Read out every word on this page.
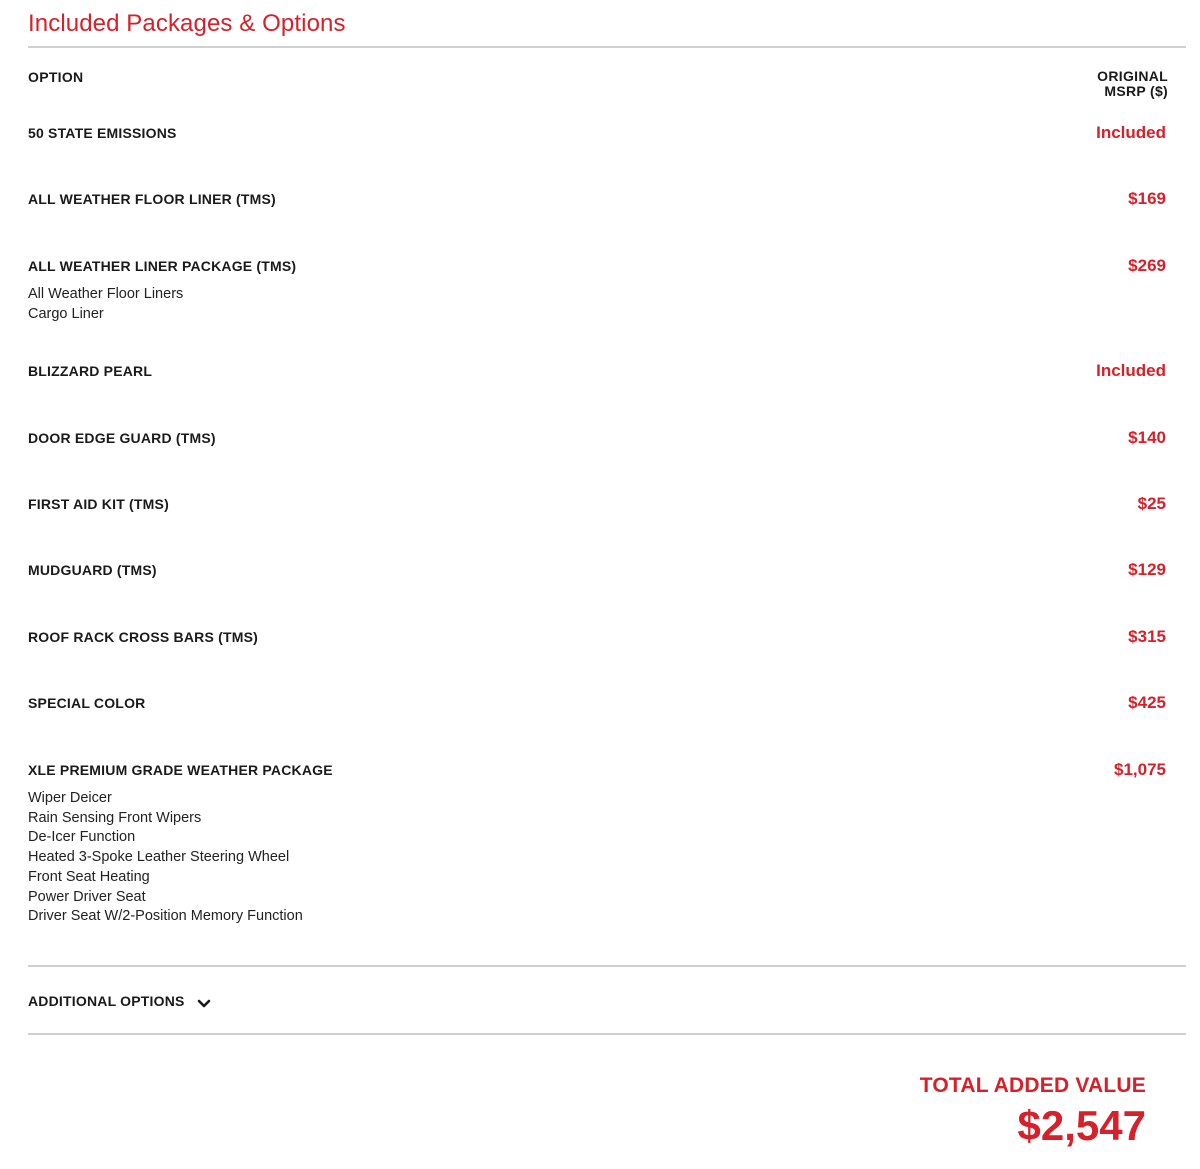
Included Packages & Options
OPTION	ORIGINAL
MSRP ($)
50 STATE EMISSIONS	Included
ALL WEATHER FLOOR LINER (TMS)	$169
ALL WEATHER LINER PACKAGE (TMS)	$269
All Weather Floor Liners
Cargo Liner
BLIZZARD PEARL	Included
DOOR EDGE GUARD (TMS)	$140
FIRST AID KIT (TMS)	$25
MUDGUARD (TMS)	$129
ROOF RACK CROSS BARS (TMS)	$315
SPECIAL COLOR	$425
XLE PREMIUM GRADE WEATHER PACKAGE	$1,075
Wiper Deicer
Rain Sensing Front Wipers
De-Icer Function
Heated 3-Spoke Leather Steering Wheel
Front Seat Heating
Power Driver Seat
Driver Seat W/2-Position Memory Function
ADDITIONAL OPTIONS
TOTAL ADDED VALUE
$2,547
